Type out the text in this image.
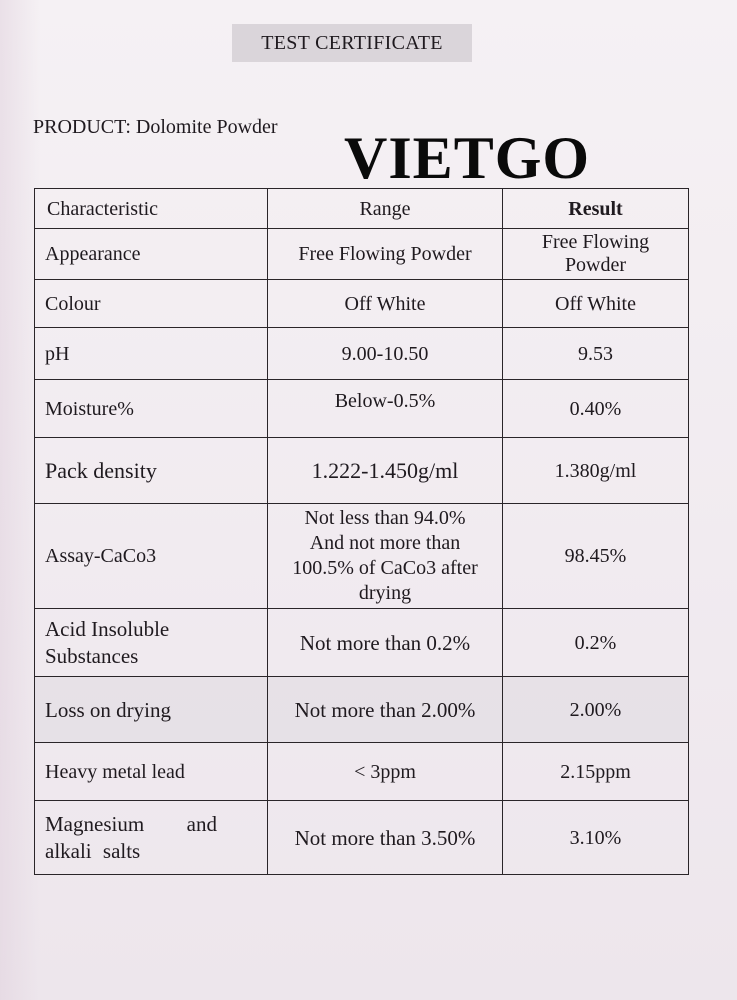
TEST CERTIFICATE
PRODUCT: Dolomite Powder VIETGO
Characteristic	Range	Result
Appearance	Free Flowing Powder	Free Flowing Powder
Colour	Off White	Off White
pH	9.00-10.50	9.53
Moisture%	Below-0.5%	0.40%
Pack density	1.222-1.450g/ml	1.380g/ml
Assay-CaCo3	Not less than 94.0% And not more than 100.5% of CaCo3 after drying	98.45%
Acid Insoluble Substances	Not more than 0.2%	0.2%
Loss on drying	Not more than 2.00%	2.00%
Heavy metal lead	< 3ppm	2.15ppm
Magnesium and alkali salts	Not more than 3.50%	3.10%
